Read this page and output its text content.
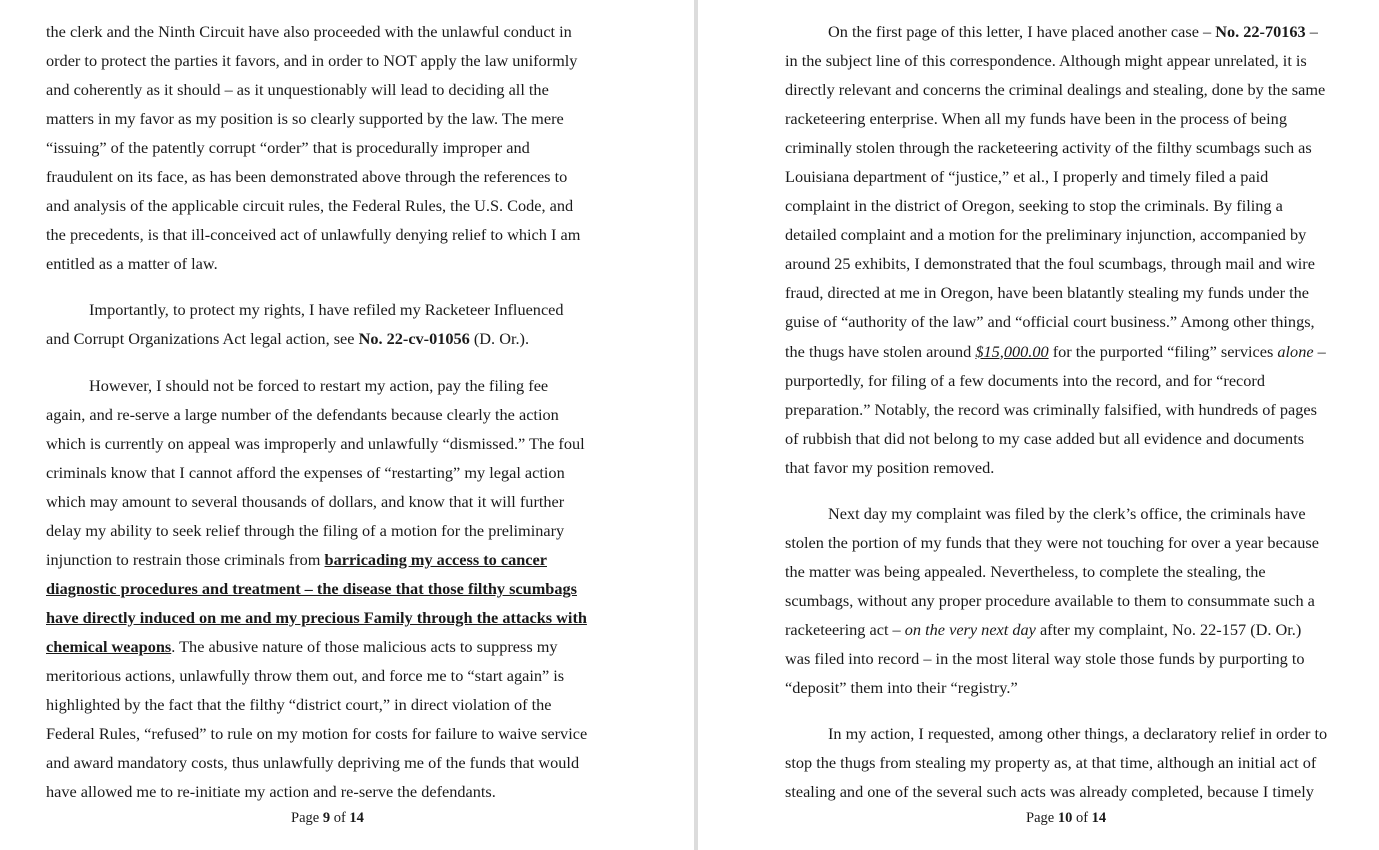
the clerk and the Ninth Circuit have also proceeded with the unlawful conduct in
order to protect the parties it favors, and in order to NOT apply the law uniformly
and coherently as it should – as it unquestionably will lead to deciding all the
matters in my favor as my position is so clearly supported by the law. The mere
“issuing” of the patently corrupt “order” that is procedurally improper and
fraudulent on its face, as has been demonstrated above through the references to
and analysis of the applicable circuit rules, the Federal Rules, the U.S. Code, and
the precedents, is that ill-conceived act of unlawfully denying relief to which I am
entitled as a matter of law.
Importantly, to protect my rights, I have refiled my Racketeer Influenced
and Corrupt Organizations Act legal action, see No. 22-cv-01056 (D. Or.).
However, I should not be forced to restart my action, pay the filing fee
again, and re-serve a large number of the defendants because clearly the action
which is currently on appeal was improperly and unlawfully “dismissed.” The foul
criminals know that I cannot afford the expenses of “restarting” my legal action
which may amount to several thousands of dollars, and know that it will further
delay my ability to seek relief through the filing of a motion for the preliminary
injunction to restrain those criminals from barricading my access to cancer
diagnostic procedures and treatment – the disease that those filthy scumbags
have directly induced on me and my precious Family through the attacks with
chemical weapons. The abusive nature of those malicious acts to suppress my
meritorious actions, unlawfully throw them out, and force me to “start again” is
highlighted by the fact that the filthy “district court,” in direct violation of the
Federal Rules, “refused” to rule on my motion for costs for failure to waive service
and award mandatory costs, thus unlawfully depriving me of the funds that would
have allowed me to re-initiate my action and re-serve the defendants.
Page 9 of 14
On the first page of this letter, I have placed another case – No. 22-70163 –
in the subject line of this correspondence. Although might appear unrelated, it is
directly relevant and concerns the criminal dealings and stealing, done by the same
racketeering enterprise. When all my funds have been in the process of being
criminally stolen through the racketeering activity of the filthy scumbags such as
Louisiana department of “justice,” et al., I properly and timely filed a paid
complaint in the district of Oregon, seeking to stop the criminals. By filing a
detailed complaint and a motion for the preliminary injunction, accompanied by
around 25 exhibits, I demonstrated that the foul scumbags, through mail and wire
fraud, directed at me in Oregon, have been blatantly stealing my funds under the
guise of “authority of the law” and “official court business.” Among other things,
the thugs have stolen around $15,000.00 for the purported “filing” services alone –
purportedly, for filing of a few documents into the record, and for “record
preparation.” Notably, the record was criminally falsified, with hundreds of pages
of rubbish that did not belong to my case added but all evidence and documents
that favor my position removed.
Next day my complaint was filed by the clerk’s office, the criminals have
stolen the portion of my funds that they were not touching for over a year because
the matter was being appealed. Nevertheless, to complete the stealing, the
scumbags, without any proper procedure available to them to consummate such a
racketeering act – on the very next day after my complaint, No. 22-157 (D. Or.)
was filed into record – in the most literal way stole those funds by purporting to
“deposit” them into their “registry.”
In my action, I requested, among other things, a declaratory relief in order to
stop the thugs from stealing my property as, at that time, although an initial act of
stealing and one of the several such acts was already completed, because I timely
Page 10 of 14
